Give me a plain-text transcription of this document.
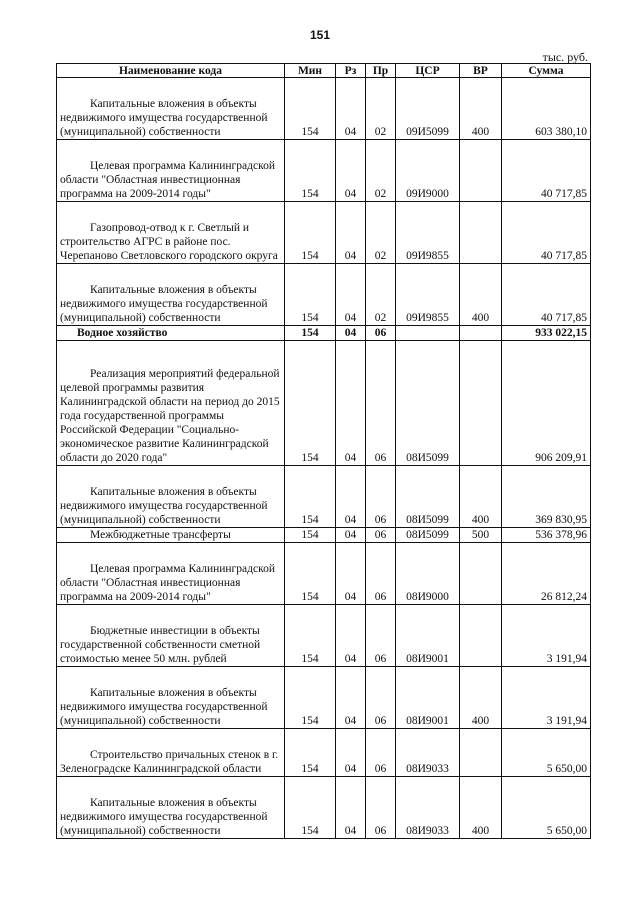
151
тыс. руб.
Наименование кода	Мин	Рз	Пр	ЦСР	ВР	Сумма
Капитальные вложения в объекты недвижимого имущества государственной (муниципальной) собственности	154	04	02	09И5099	400	603 380,10
Целевая программа Калининградской области "Областная инвестиционная программа на 2009-2014 годы"	154	04	02	09И9000		40 717,85
Газопровод-отвод к г. Светлый и строительство АГРС в районе пос. Черепаново Светловского городского округа	154	04	02	09И9855		40 717,85
Капитальные вложения в объекты недвижимого имущества государственной (муниципальной) собственности	154	04	02	09И9855	400	40 717,85
Водное хозяйство	154	04	06			933 022,15
Реализация мероприятий федеральной целевой программы развития Калининградской области на период до 2015 года государственной программы Российской Федерации "Социально-экономическое развитие Калининградской области до 2020 года"	154	04	06	08И5099		906 209,91
Капитальные вложения в объекты недвижимого имущества государственной (муниципальной) собственности	154	04	06	08И5099	400	369 830,95
Межбюджетные трансферты	154	04	06	08И5099	500	536 378,96
Целевая программа Калининградской области "Областная инвестиционная программа на 2009-2014 годы"	154	04	06	08И9000		26 812,24
Бюджетные инвестиции в объекты государственной собственности сметной стоимостью менее 50 млн. рублей	154	04	06	08И9001		3 191,94
Капитальные вложения в объекты недвижимого имущества государственной (муниципальной) собственности	154	04	06	08И9001	400	3 191,94
Строительство причальных стенок в г. Зеленоградске Калининградской области	154	04	06	08И9033		5 650,00
Капитальные вложения в объекты недвижимого имущества государственной (муниципальной) собственности	154	04	06	08И9033	400	5 650,00
